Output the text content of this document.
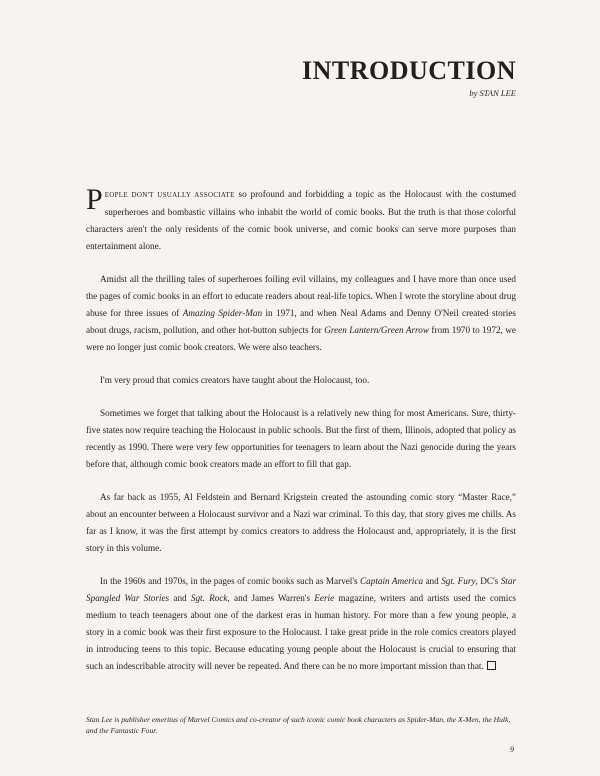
INTRODUCTION
by STAN LEE

PEOPLE DON'T USUALLY ASSOCIATE so profound and forbidding a topic as the Holocaust with the costumed superheroes and bombastic villains who inhabit the world of comic books. But the truth is that those colorful characters aren't the only residents of the comic book universe, and comic books can serve more purposes than entertainment alone.

Amidst all the thrilling tales of superheroes foiling evil villains, my colleagues and I have more than once used the pages of comic books in an effort to educate readers about real-life topics. When I wrote the storyline about drug abuse for three issues of Amazing Spider-Man in 1971, and when Neal Adams and Denny O'Neil created stories about drugs, racism, pollution, and other hot-button subjects for Green Lantern/Green Arrow from 1970 to 1972, we were no longer just comic book creators. We were also teachers.

I'm very proud that comics creators have taught about the Holocaust, too.

Sometimes we forget that talking about the Holocaust is a relatively new thing for most Americans. Sure, thirty-five states now require teaching the Holocaust in public schools. But the first of them, Illinois, adopted that policy as recently as 1990. There were very few opportunities for teenagers to learn about the Nazi genocide during the years before that, although comic book creators made an effort to fill that gap.

As far back as 1955, Al Feldstein and Bernard Krigstein created the astounding comic story “Master Race,” about an encounter between a Holocaust survivor and a Nazi war criminal. To this day, that story gives me chills. As far as I know, it was the first attempt by comics creators to address the Holocaust and, appropriately, it is the first story in this volume.

In the 1960s and 1970s, in the pages of comic books such as Marvel's Captain America and Sgt. Fury, DC's Star Spangled War Stories and Sgt. Rock, and James Warren's Eerie magazine, writers and artists used the comics medium to teach teenagers about one of the darkest eras in human history. For more than a few young people, a story in a comic book was their first exposure to the Holocaust. I take great pride in the role comics creators played in introducing teens to this topic. Because educating young people about the Holocaust is crucial to ensuring that such an indescribable atrocity will never be repeated. And there can be no more important mission than that.

Stan Lee is publisher emeritus of Marvel Comics and co-creator of such iconic comic book characters as Spider-Man, the X-Men, the Hulk, and the Fantastic Four.
9
